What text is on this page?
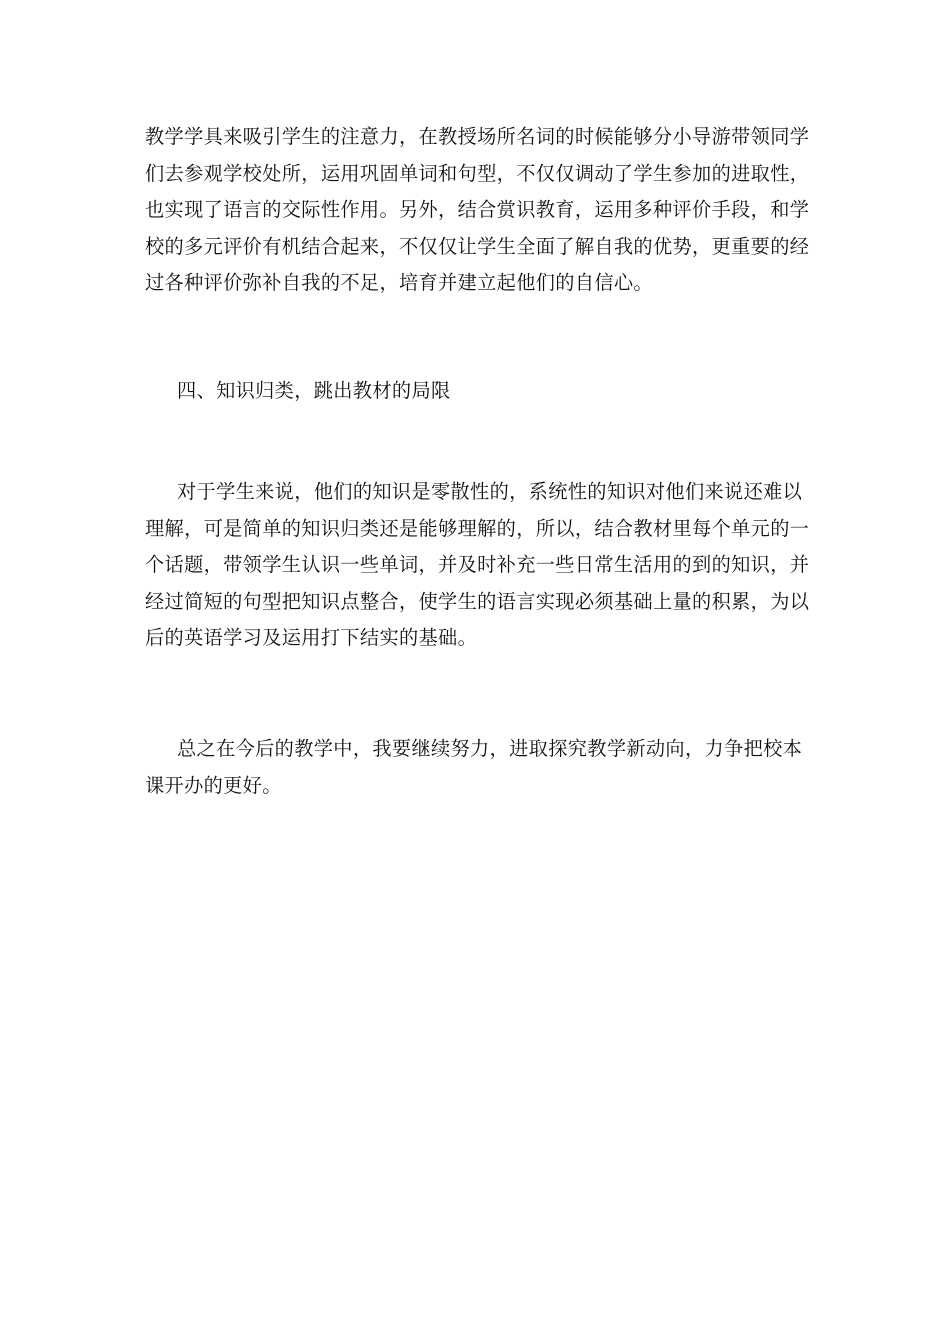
教学学具来吸引学生的注意力，在教授场所名词的时候能够分小导游带领同学们去参观学校处所，运用巩固单词和句型，不仅仅调动了学生参加的进取性，也实现了语言的交际性作用。另外，结合赏识教育，运用多种评价手段，和学校的多元评价有机结合起来，不仅仅让学生全面了解自我的优势，更重要的经过各种评价弥补自我的不足，培育并建立起他们的自信心。

四、知识归类，跳出教材的局限

对于学生来说，他们的知识是零散性的，系统性的知识对他们来说还难以理解，可是简单的知识归类还是能够理解的，所以，结合教材里每个单元的一个话题，带领学生认识一些单词，并及时补充一些日常生活用的到的知识，并经过简短的句型把知识点整合，使学生的语言实现必须基础上量的积累，为以后的英语学习及运用打下结实的基础。

总之在今后的教学中，我要继续努力，进取探究教学新动向，力争把校本课开办的更好。
